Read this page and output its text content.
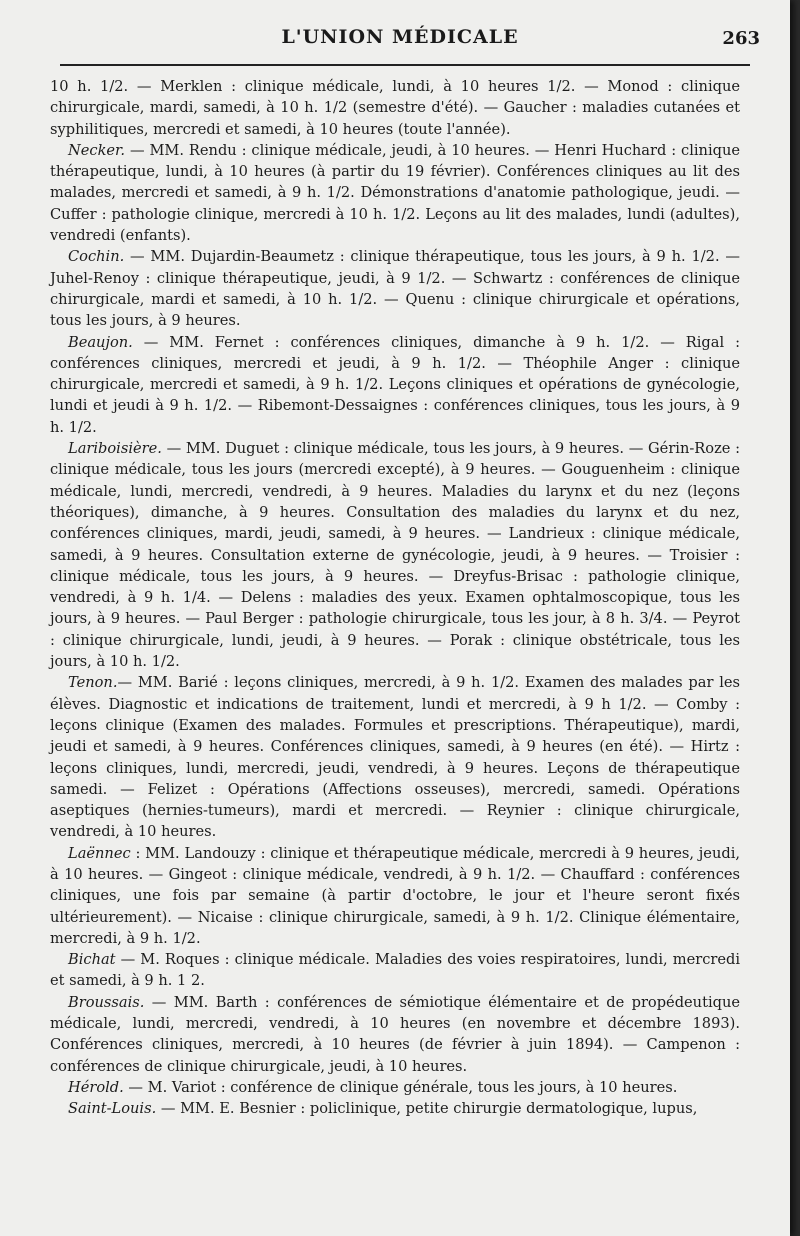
L'UNION MÉDICALE	263

10 h. 1/2. — Merklen : clinique médicale, lundi, à 10 heures 1/2. — Monod : clinique chirurgicale, mardi, samedi, à 10 h. 1/2 (semestre d'été). — Gaucher : maladies cutanées et syphilitiques, mercredi et samedi, à 10 heures (toute l'année).

Necker. — MM. Rendu : clinique médicale, jeudi, à 10 heures. — Henri Huchard : clinique thérapeutique, lundi, à 10 heures (à partir du 19 février). Conférences cliniques au lit des malades, mercredi et samedi, à 9 h. 1/2. Démonstrations d'anatomie pathologique, jeudi. — Cuffer : pathologie clinique, mercredi à 10 h. 1/2. Leçons au lit des malades, lundi (adultes), vendredi (enfants).

Cochin. — MM. Dujardin-Beaumetz : clinique thérapeutique, tous les jours, à 9 h. 1/2. — Juhel-Renoy : clinique thérapeutique, jeudi, à 9 1/2. — Schwartz : conférences de clinique chirurgicale, mardi et samedi, à 10 h. 1/2. — Quenu : clinique chirurgicale et opérations, tous les jours, à 9 heures.

Beaujon. — MM. Fernet : conférences cliniques, dimanche à 9 h. 1/2. — Rigal : conférences cliniques, mercredi et jeudi, à 9 h. 1/2. — Théophile Anger : clinique chirurgicale, mercredi et samedi, à 9 h. 1/2. Leçons cliniques et opérations de gynécologie, lundi et jeudi à 9 h. 1/2. — Ribemont-Dessaignes : conférences cliniques, tous les jours, à 9 h. 1/2.

Lariboisière. — MM. Duguet : clinique médicale, tous les jours, à 9 heures. — Gérin-Roze : clinique médicale, tous les jours (mercredi excepté), à 9 heures. — Gouguenheim : clinique médicale, lundi, mercredi, vendredi, à 9 heures. Maladies du larynx et du nez (leçons théoriques), dimanche, à 9 heures. Consultation des maladies du larynx et du nez, conférences cliniques, mardi, jeudi, samedi, à 9 heures. — Landrieux : clinique médicale, samedi, à 9 heures. Consultation externe de gynécologie, jeudi, à 9 heures. — Troisier : clinique médicale, tous les jours, à 9 heures. — Dreyfus-Brisac : pathologie clinique, vendredi, à 9 h. 1/4. — Delens : maladies des yeux. Examen ophtalmoscopique, tous les jours, à 9 heures. — Paul Berger : pathologie chirurgicale, tous les jour, à 8 h. 3/4. — Peyrot : clinique chirurgicale, lundi, jeudi, à 9 heures. — Porak : clinique obstétricale, tous les jours, à 10 h. 1/2.

Tenon.— MM. Barié : leçons cliniques, mercredi, à 9 h. 1/2. Examen des malades par les élèves. Diagnostic et indications de traitement, lundi et mercredi, à 9 h 1/2. — Comby : leçons clinique (Examen des malades. Formules et prescriptions. Thérapeutique), mardi, jeudi et samedi, à 9 heures. Conférences cliniques, samedi, à 9 heures (en été). — Hirtz : leçons cliniques, lundi, mercredi, jeudi, vendredi, à 9 heures. Leçons de thérapeutique samedi. — Felizet : Opérations (Affections osseuses), mercredi, samedi. Opérations aseptiques (hernies-tumeurs), mardi et mercredi. — Reynier : clinique chirurgicale, vendredi, à 10 heures.

Laënnec : MM. Landouzy : clinique et thérapeutique médicale, mercredi à 9 heures, jeudi, à 10 heures. — Gingeot : clinique médicale, vendredi, à 9 h. 1/2. — Chauffard : conférences cliniques, une fois par semaine (à partir d'octobre, le jour et l'heure seront fixés ultérieurement). — Nicaise : clinique chirurgicale, samedi, à 9 h. 1/2. Clinique élémentaire, mercredi, à 9 h. 1/2.

Bichat — M. Roques : clinique médicale. Maladies des voies respiratoires, lundi, mercredi et samedi, à 9 h. 1 2.

Broussais. — MM. Barth : conférences de sémiotique élémentaire et de propédeutique médicale, lundi, mercredi, vendredi, à 10 heures (en novembre et décembre 1893). Conférences cliniques, mercredi, à 10 heures (de février à juin 1894). — Campenon : conférences de clinique chirurgicale, jeudi, à 10 heures.

Hérold. — M. Variot : conférence de clinique générale, tous les jours, à 10 heures.

Saint-Louis. — MM. E. Besnier : policlinique, petite chirurgie dermatologique, lupus,
